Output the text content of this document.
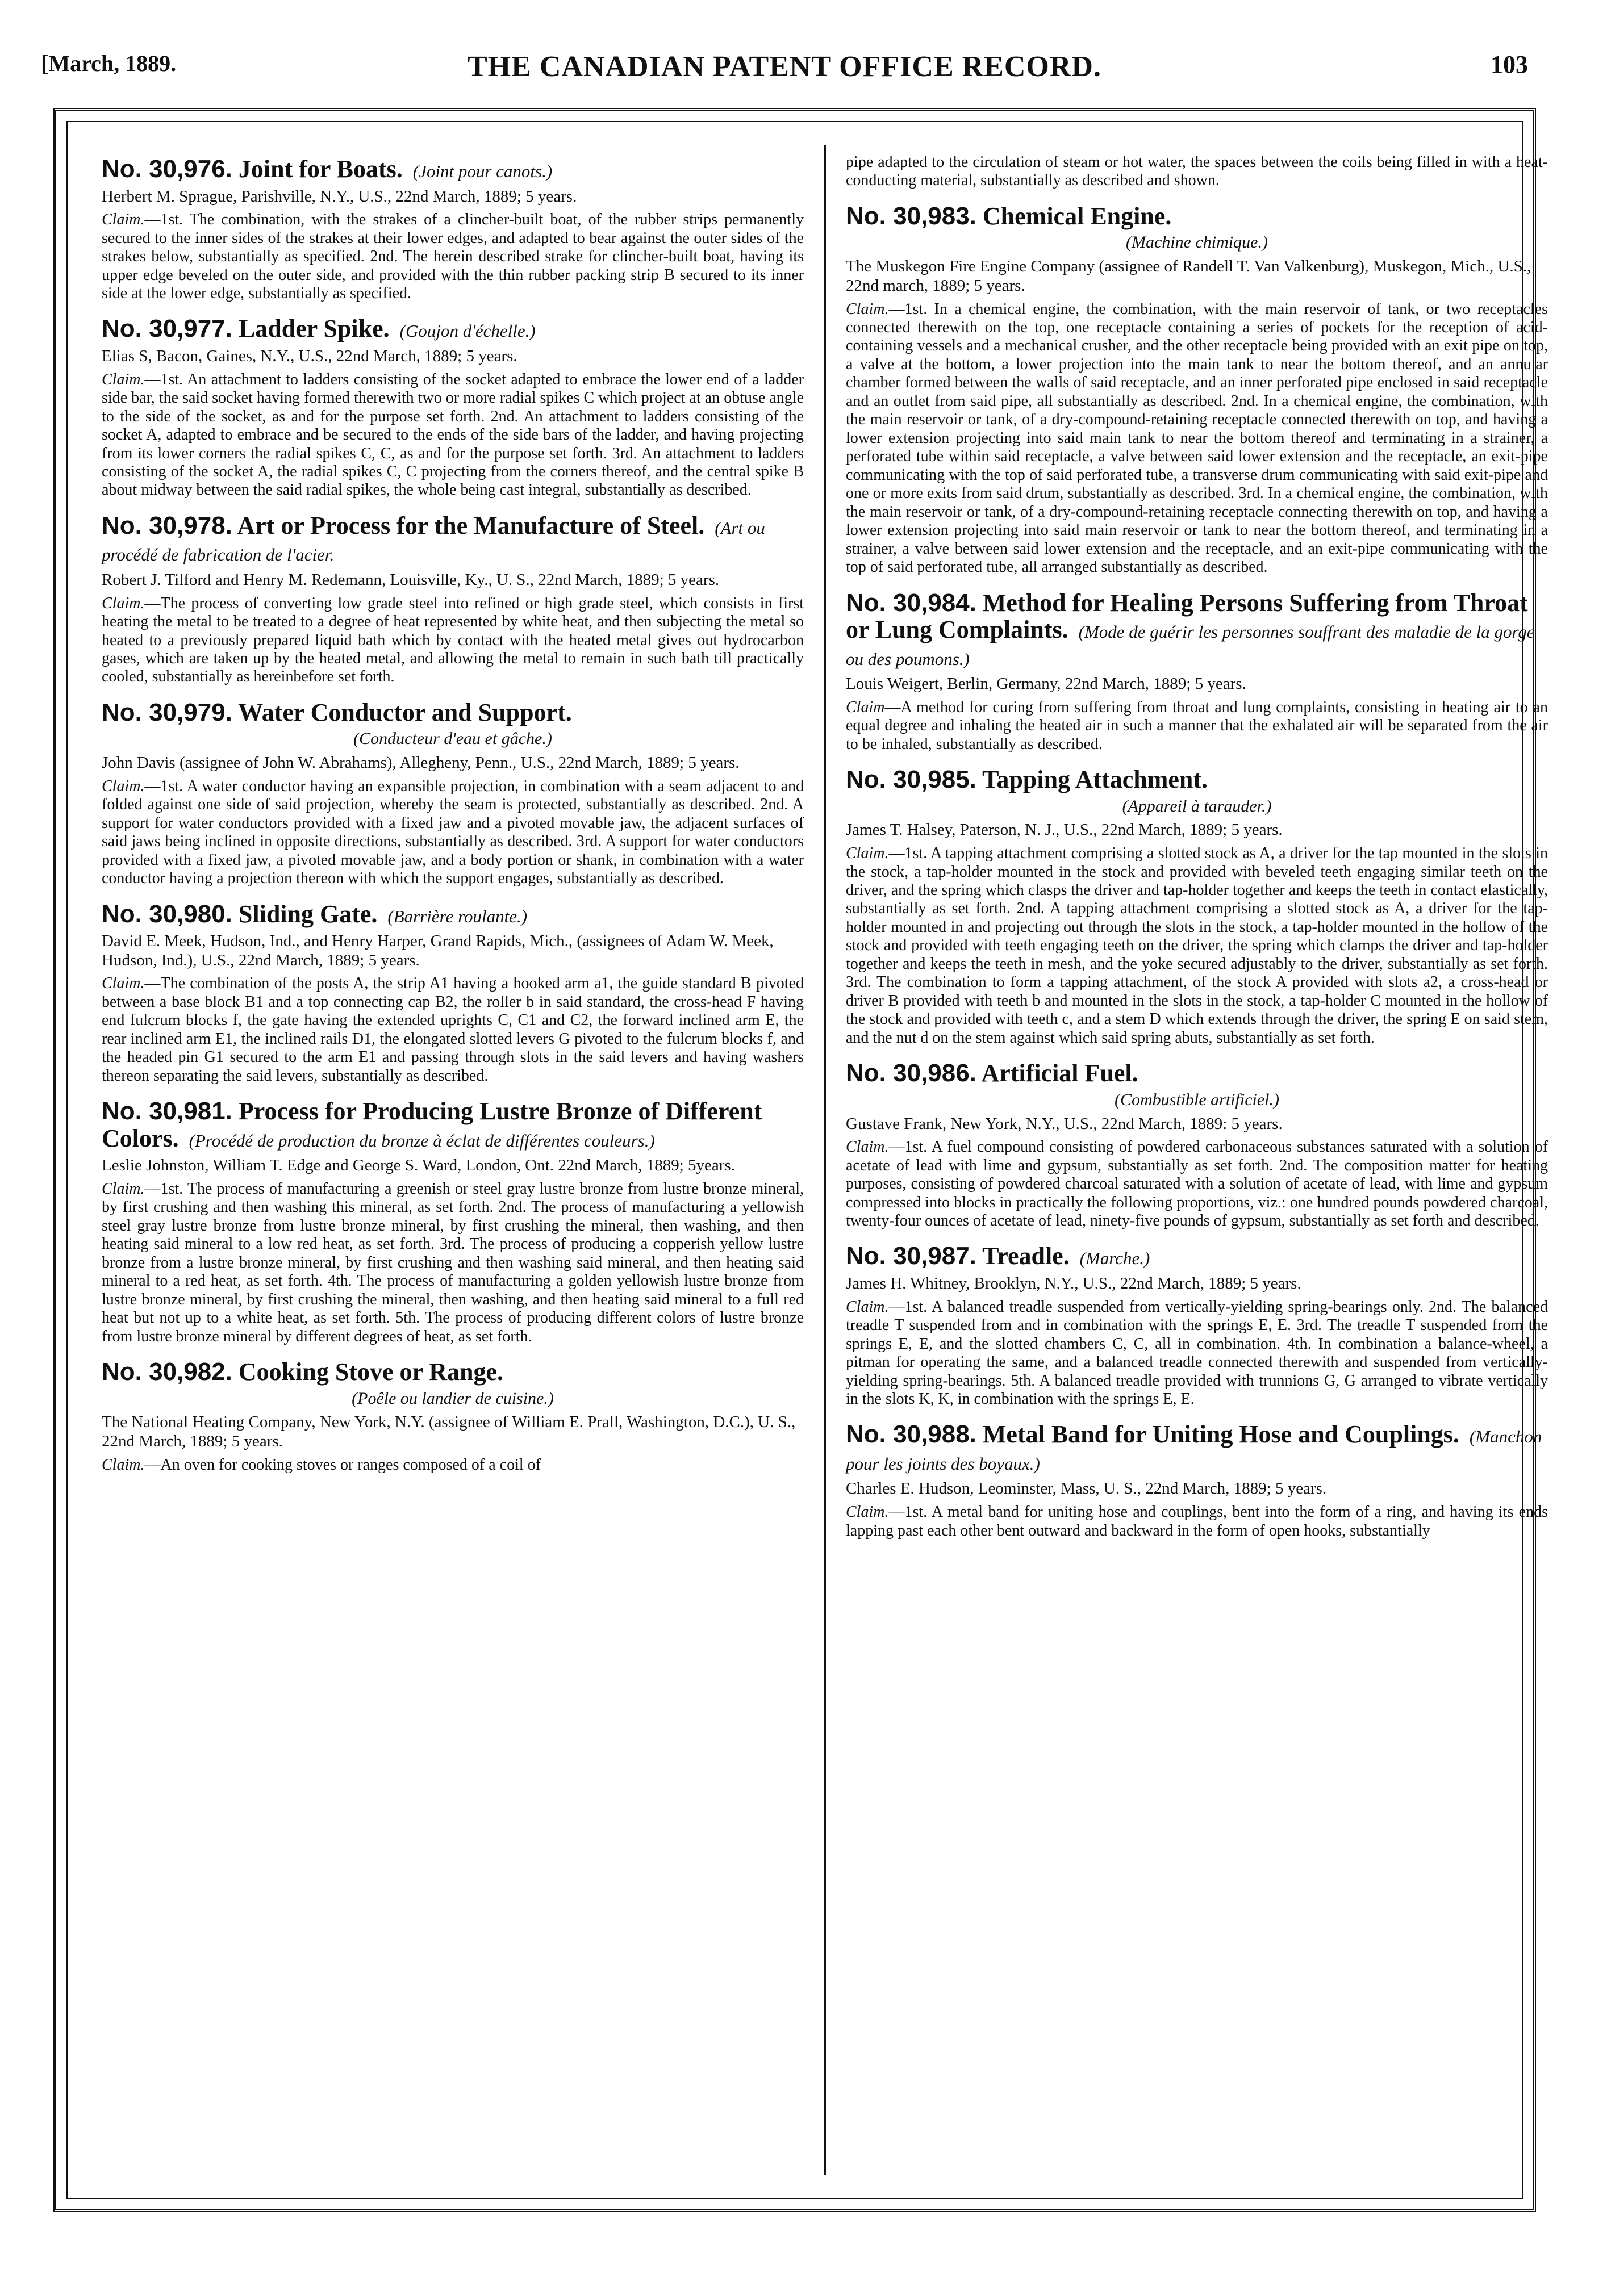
[March, 1889.	THE CANADIAN PATENT OFFICE RECORD.	103
No. 30,976. Joint for Boats. (Joint pour canots.)
Herbert M. Sprague, Parishville, N.Y., U.S., 22nd March, 1889; 5 years.
Claim.—1st. The combination, with the strakes of a clincher-built boat, of the rubber strips permanently secured to the inner sides of the strakes at their lower edges, and adapted to bear against the outer sides of the strakes below, substantially as specified. 2nd. The herein described strake for clincher-built boat, having its upper edge beveled on the outer side, and provided with the thin rubber packing strip B secured to its inner side at the lower edge, substantially as specified.
No. 30,977. Ladder Spike. (Goujon d'échelle.)
Elias S, Bacon, Gaines, N.Y., U.S., 22nd March, 1889; 5 years.
Claim.—1st. An attachment to ladders consisting of the socket adapted to embrace the lower end of a ladder side bar, the said socket having formed therewith two or more radial spikes C which project at an obtuse angle to the side of the socket, as and for the purpose set forth. 2nd. An attachment to ladders consisting of the socket A, adapted to embrace and be secured to the ends of the side bars of the ladder, and having projecting from its lower corners the radial spikes C, C, as and for the purpose set forth. 3rd. An attachment to ladders consisting of the socket A, the radial spikes C, C projecting from the corners thereof, and the central spike B about midway between the said radial spikes, the whole being cast integral, substantially as described.
No. 30,978. Art or Process for the Manufacture of Steel. (Art ou procédé de fabrication de l'acier.
Robert J. Tilford and Henry M. Redemann, Louisville, Ky., U. S., 22nd March, 1889; 5 years.
Claim.—The process of converting low grade steel into refined or high grade steel, which consists in first heating the metal to be treated to a degree of heat represented by white heat, and then subjecting the metal so heated to a previously prepared liquid bath which by contact with the heated metal gives out hydrocarbon gases, which are taken up by the heated metal, and allowing the metal to remain in such bath till practically cooled, substantially as hereinbefore set forth.
No. 30,979. Water Conductor and Support.
(Conducteur d'eau et gâche.)
John Davis (assignee of John W. Abrahams), Allegheny, Penn., U.S., 22nd March, 1889; 5 years.
Claim.—1st. A water conductor having an expansible projection, in combination with a seam adjacent to and folded against one side of said projection, whereby the seam is protected, substantially as described. 2nd. A support for water conductors provided with a fixed jaw and a pivoted movable jaw, the adjacent surfaces of said jaws being inclined in opposite directions, substantially as described. 3rd. A support for water conductors provided with a fixed jaw, a pivoted movable jaw, and a body portion or shank, in combination with a water conductor having a projection thereon with which the support engages, substantially as described.
No. 30,980. Sliding Gate. (Barrière roulante.)
David E. Meek, Hudson, Ind., and Henry Harper, Grand Rapids, Mich., (assignees of Adam W. Meek, Hudson, Ind.), U.S., 22nd March, 1889; 5 years.
Claim.—The combination of the posts A, the strip A1 having a hooked arm a1, the guide standard B pivoted between a base block B1 and a top connecting cap B2, the roller b in said standard, the cross-head F having end fulcrum blocks f, the gate having the extended uprights C, C1 and C2, the forward inclined arm E, the rear inclined arm E1, the inclined rails D1, the elongated slotted levers G pivoted to the fulcrum blocks f, and the headed pin G1 secured to the arm E1 and passing through slots in the said levers and having washers thereon separating the said levers, substantially as described.
No. 30,981. Process for Producing Lustre Bronze of Different Colors. (Procédé de production du bronze à éclat de différentes couleurs.)
Leslie Johnston, William T. Edge and George S. Ward, London, Ont. 22nd March, 1889; 5years.
Claim.—1st. The process of manufacturing a greenish or steel gray lustre bronze from lustre bronze mineral, by first crushing and then washing this mineral, as set forth. 2nd. The process of manufacturing a yellowish steel gray lustre bronze from lustre bronze mineral, by first crushing the mineral, then washing, and then heating said mineral to a low red heat, as set forth. 3rd. The process of producing a copperish yellow lustre bronze from a lustre bronze mineral, by first crushing and then washing said mineral, and then heating said mineral to a red heat, as set forth. 4th. The process of manufacturing a golden yellowish lustre bronze from lustre bronze mineral, by first crushing the mineral, then washing, and then heating said mineral to a full red heat but not up to a white heat, as set forth. 5th. The process of producing different colors of lustre bronze from lustre bronze mineral by different degrees of heat, as set forth.
No. 30,982. Cooking Stove or Range.
(Poêle ou landier de cuisine.)
The National Heating Company, New York, N.Y. (assignee of William E. Prall, Washington, D.C.), U. S., 22nd March, 1889; 5 years.
Claim.—An oven for cooking stoves or ranges composed of a coil of
pipe adapted to the circulation of steam or hot water, the spaces between the coils being filled in with a heat-conducting material, substantially as described and shown.
No. 30,983. Chemical Engine.
(Machine chimique.)
The Muskegon Fire Engine Company (assignee of Randell T. Van Valkenburg), Muskegon, Mich., U.S., 22nd march, 1889; 5 years.
Claim.—1st. In a chemical engine, the combination, with the main reservoir of tank, or two receptacles connected therewith on the top, one receptacle containing a series of pockets for the reception of acid-containing vessels and a mechanical crusher, and the other receptacle being provided with an exit pipe on top, a valve at the bottom, a lower projection into the main tank to near the bottom thereof, and an annular chamber formed between the walls of said receptacle, and an inner perforated pipe enclosed in said receptacle and an outlet from said pipe, all substantially as described. 2nd. In a chemical engine, the combination, with the main reservoir or tank, of a dry-compound-retaining receptacle connected therewith on top, and having a lower extension projecting into said main tank to near the bottom thereof and terminating in a strainer, a perforated tube within said receptacle, a valve between said lower extension and the receptacle, an exit-pipe communicating with the top of said perforated tube, a transverse drum communicating with said exit-pipe and one or more exits from said drum, substantially as described. 3rd. In a chemical engine, the combination, with the main reservoir or tank, of a dry-compound-retaining receptacle connecting therewith on top, and having a lower extension projecting into said main reservoir or tank to near the bottom thereof, and terminating in a strainer, a valve between said lower extension and the receptacle, and an exit-pipe communicating with the top of said perforated tube, all arranged substantially as described.
No. 30,984. Method for Healing Persons Suffering from Throat or Lung Complaints. (Mode de guérir les personnes souffrant des maladie de la gorge ou des poumons.)
Louis Weigert, Berlin, Germany, 22nd March, 1889; 5 years.
Claim—A method for curing from suffering from throat and lung complaints, consisting in heating air to an equal degree and inhaling the heated air in such a manner that the exhalated air will be separated from the air to be inhaled, substantially as described.
No. 30,985. Tapping Attachment.
(Appareil à tarauder.)
James T. Halsey, Paterson, N. J., U.S., 22nd March, 1889; 5 years.
Claim.—1st. A tapping attachment comprising a slotted stock as A, a driver for the tap mounted in the slots in the stock, a tap-holder mounted in the stock and provided with beveled teeth engaging similar teeth on the driver, and the spring which clasps the driver and tap-holder together and keeps the teeth in contact elastically, substantially as set forth. 2nd. A tapping attachment comprising a slotted stock as A, a driver for the tap-holder mounted in and projecting out through the slots in the stock, a tap-holder mounted in the hollow of the stock and provided with teeth engaging teeth on the driver, the spring which clamps the driver and tap-holder together and keeps the teeth in mesh, and the yoke secured adjustably to the driver, substantially as set forth. 3rd. The combination to form a tapping attachment, of the stock A provided with slots a2, a cross-head or driver B provided with teeth b and mounted in the slots in the stock, a tap-holder C mounted in the hollow of the stock and provided with teeth c, and a stem D which extends through the driver, the spring E on said stem, and the nut d on the stem against which said spring abuts, substantially as set forth.
No. 30,986. Artificial Fuel.
(Combustible artificiel.)
Gustave Frank, New York, N.Y., U.S., 22nd March, 1889: 5 years.
Claim.—1st. A fuel compound consisting of powdered carbonaceous substances saturated with a solution of acetate of lead with lime and gypsum, substantially as set forth. 2nd. The composition matter for heating purposes, consisting of powdered charcoal saturated with a solution of acetate of lead, with lime and gypsum compressed into blocks in practically the following proportions, viz.: one hundred pounds powdered charcoal, twenty-four ounces of acetate of lead, ninety-five pounds of gypsum, substantially as set forth and described.
No. 30,987. Treadle. (Marche.)
James H. Whitney, Brooklyn, N.Y., U.S., 22nd March, 1889; 5 years.
Claim.—1st. A balanced treadle suspended from vertically-yielding spring-bearings only. 2nd. The balanced treadle T suspended from and in combination with the springs E, E. 3rd. The treadle T suspended from the springs E, E, and the slotted chambers C, C, all in combination. 4th. In combination a balance-wheel, a pitman for operating the same, and a balanced treadle connected therewith and suspended from vertically-yielding spring-bearings. 5th. A balanced treadle provided with trunnions G, G arranged to vibrate vertically in the slots K, K, in combination with the springs E, E.
No. 30,988. Metal Band for Uniting Hose and Couplings. (Manchon pour les joints des boyaux.)
Charles E. Hudson, Leominster, Mass, U. S., 22nd March, 1889; 5 years.
Claim.—1st. A metal band for uniting hose and couplings, bent into the form of a ring, and having its ends lapping past each other bent outward and backward in the form of open hooks, substantially
